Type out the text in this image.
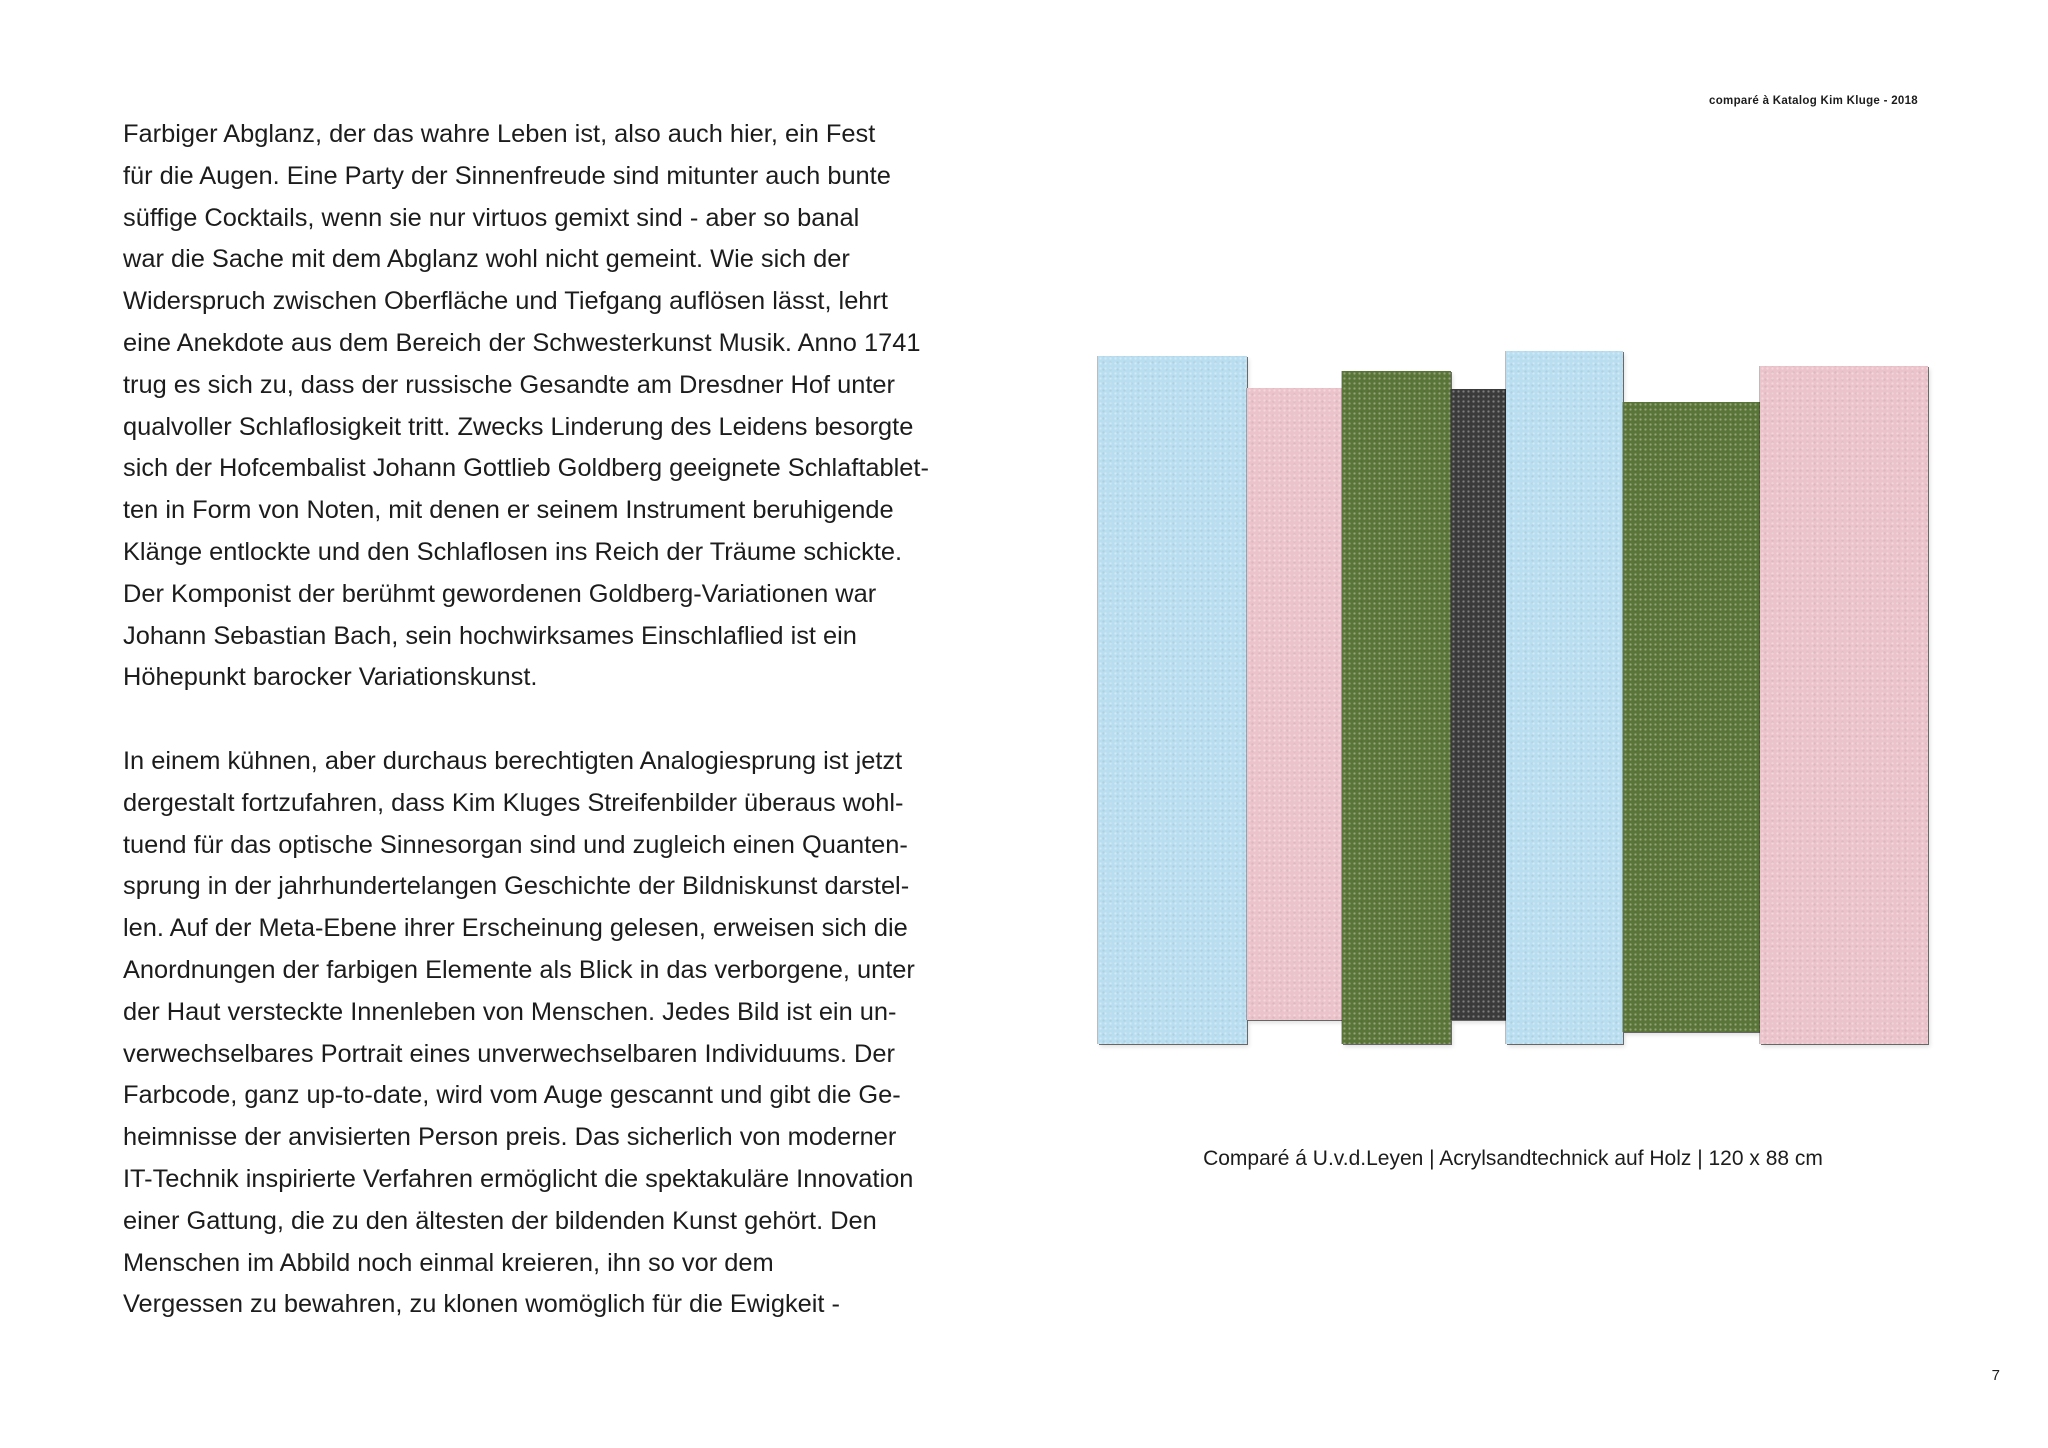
comparé à Katalog Kim Kluge - 2018
Farbiger Abglanz, der das wahre Leben ist, also auch hier, ein Fest
für die Augen. Eine Party der Sinnenfreude sind mitunter auch bunte
süffige Cocktails, wenn sie nur virtuos gemixt sind - aber so banal
war die Sache mit dem Abglanz wohl nicht gemeint. Wie sich der
Widerspruch zwischen Oberfläche und Tiefgang auflösen lässt, lehrt
eine Anekdote aus dem Bereich der Schwesterkunst Musik. Anno 1741
trug es sich zu, dass der russische Gesandte am Dresdner Hof unter
qualvoller Schlaflosigkeit tritt. Zwecks Linderung des Leidens besorgte
sich der Hofcembalist Johann Gottlieb Goldberg geeignete Schlaftablet-
ten in Form von Noten, mit denen er seinem Instrument beruhigende
Klänge entlockte und den Schlaflosen ins Reich der Träume schickte.
Der Komponist der berühmt gewordenen Goldberg-Variationen war
Johann Sebastian Bach, sein hochwirksames Einschlaflied ist ein
Höhepunkt barocker Variationskunst.
In einem kühnen, aber durchaus berechtigten Analogiesprung ist jetzt
dergestalt fortzufahren, dass Kim Kluges Streifenbilder überaus wohl-
tuend für das optische Sinnesorgan sind und zugleich einen Quanten-
sprung in der jahrhundertelangen Geschichte der Bildniskunst darstel-
len. Auf der Meta-Ebene ihrer Erscheinung gelesen, erweisen sich die
Anordnungen der farbigen Elemente als Blick in das verborgene, unter
der Haut versteckte Innenleben von Menschen. Jedes Bild ist ein un-
verwechselbares Portrait eines unverwechselbaren Individuums. Der
Farbcode, ganz up-to-date, wird vom Auge gescannt und gibt die Ge-
heimnisse der anvisierten Person preis. Das sicherlich von moderner
IT-Technik inspirierte Verfahren ermöglicht die spektakuläre Innovation
einer Gattung, die zu den ältesten der bildenden Kunst gehört. Den
Menschen im Abbild noch einmal kreieren, ihn so vor dem
Vergessen zu bewahren, zu klonen womöglich für die Ewigkeit -
Comparé á U.v.d.Leyen | Acrylsandtechnick auf Holz | 120 x 88 cm
7
